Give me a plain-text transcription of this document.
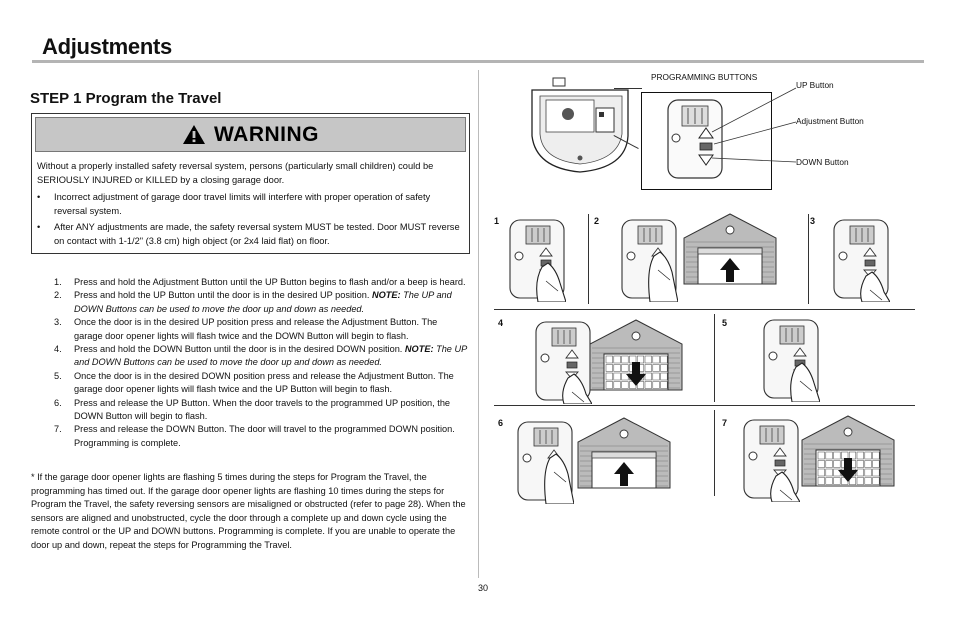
Adjustments
STEP 1 Program the Travel
WARNING

Without a properly installed safety reversal system, persons (particularly small children) could be SERIOUSLY INJURED or KILLED by a closing garage door.

• Incorrect adjustment of garage door travel limits will interfere with proper operation of safety reversal system.
• After ANY adjustments are made, the safety reversal system MUST be tested. Door MUST reverse on contact with 1-1/2" (3.8 cm) high object (or 2x4 laid flat) on floor.
1. Press and hold the Adjustment Button until the UP Button begins to flash and/or a beep is heard.
2. Press and hold the UP Button until the door is in the desired UP position. NOTE: The UP and DOWN Buttons can be used to move the door up and down as needed.
3. Once the door is in the desired UP position press and release the Adjustment Button. The garage door opener lights will flash twice and the DOWN Button will begin to flash.
4. Press and hold the DOWN Button until the door is in the desired DOWN position. NOTE: The UP and DOWN Buttons can be used to move the door up and down as needed.
5. Once the door is in the desired DOWN position press and release the Adjustment Button. The garage door opener lights will flash twice and the UP Button will begin to flash.
6. Press and release the UP Button. When the door travels to the programmed UP position, the DOWN Button will begin to flash.
7. Press and release the DOWN Button. The door will travel to the programmed DOWN position. Programming is complete.
* If the garage door opener lights are flashing 5 times during the steps for Program the Travel, the programming has timed out. If the garage door opener lights are flashing 10 times during the steps for Program the Travel, the safety reversing sensors are misaligned or obstructed (refer to page 28). When the sensors are aligned and unobstructed, cycle the door through a complete up and down cycle using the remote control or the UP and DOWN buttons. Programming is complete. If you are unable to operate the door up and down, repeat the steps for Programming the Travel.
30
PROGRAMMING BUTTONS
UP Button
Adjustment Button
DOWN Button
1	2	3
4	5
6	7
